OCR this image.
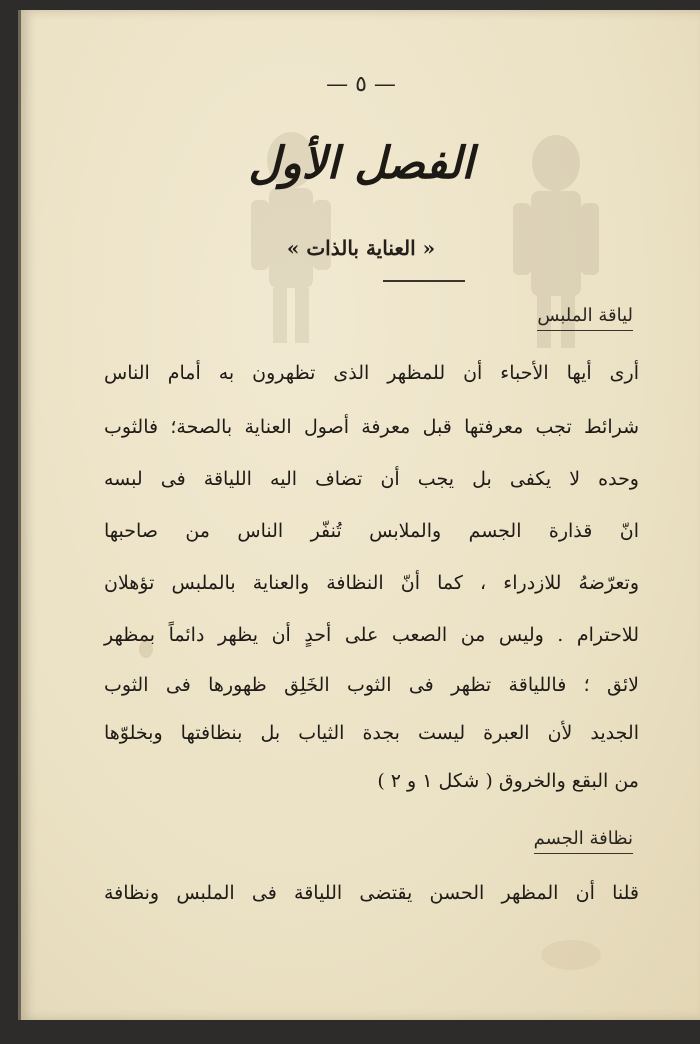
— ٥ —
الفصل الأول
« العناية بالذات »
لياقة الملبس
أرى أيها الأحباء أن للمظهر الذى تظهرون به أمام الناس
شرائط تجب معرفتها قبل معرفة أصول العناية بالصحة؛ فالثوب
وحده لا يكفى بل يجب أن تضاف اليه اللياقة فى لبسه
انّ قذارة الجسم والملابس تُنفّر الناس من صاحبها
وتعرّضهُ للازدراء ، كما أنّ النظافة والعناية بالملبس تؤهلان
للاحترام . وليس من الصعب على أحدٍ أن يظهر دائماً بمظهر
لائق ؛ فاللياقة تظهر فى الثوب الخَلِق ظهورها فى الثوب
الجديد لأن العبرة ليست بجدة الثياب بل بنظافتها وبخلوّها
من البقع والخروق ( شكل ١ و ٢ )
نظافة الجسم
قلنا أن المظهر الحسن يقتضى اللياقة فى الملبس ونظافة
